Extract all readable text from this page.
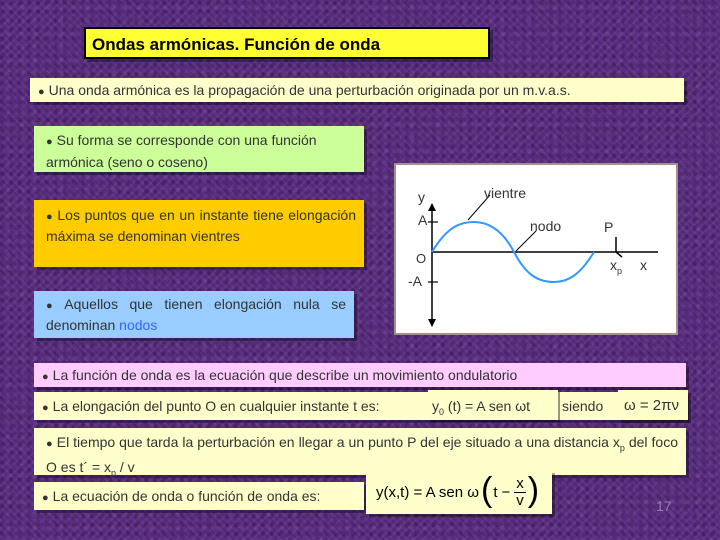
Ondas armónicas. Función de onda
● Una onda armónica es la propagación de una perturbación originada por un m.v.a.s.
● Su forma se corresponde con una función armónica (seno o coseno)
● Los puntos que en un instante tiene elongación máxima se denominan vientres
● Aquellos que tienen elongación nula se denominan nodos
y
A
O
-A
vientre
nodo	P
$x_p$ x
● La función de onda es la ecuación que describe un movimiento ondulatorio
● La elongación del punto O en cualquier instante t es:	siendo
$y_0$ (t) = A sen ωt	ω = 2πν
● El tiempo que tarda la perturbación en llegar a un punto P del eje situado a una distancia $x_p$ del foco O es t´ = $x_p$ / v
● La ecuación de onda o función de onda es:	y(x,t) = A sen ω ( $t - \frac{x}{v}$ )	17
